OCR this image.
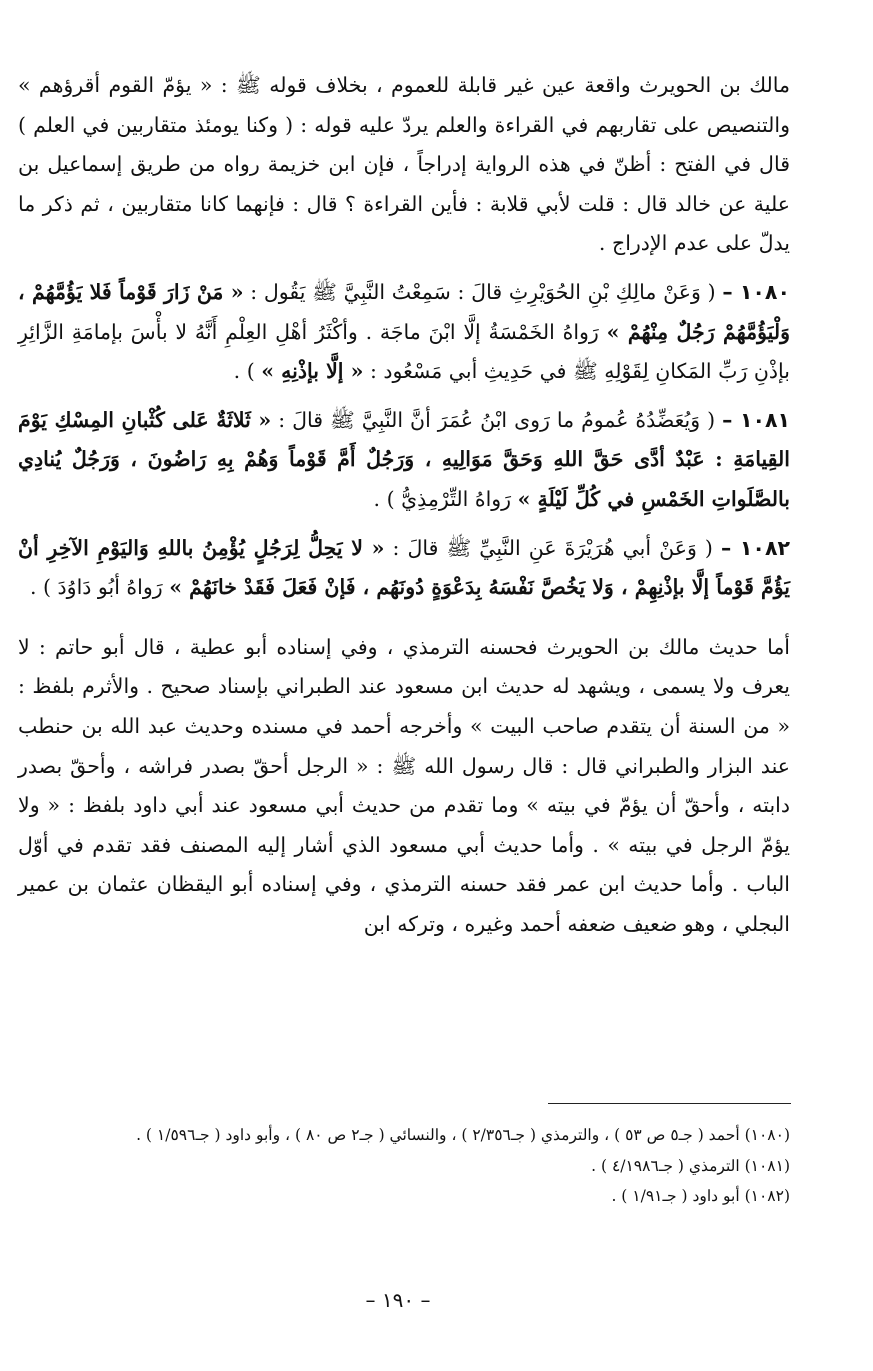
مالك بن الحويرث واقعة عين غير قابلة للعموم ، بخلاف قوله ﷺ : « يؤمّ القوم أقرؤهم » والتنصيص على تقاربهم في القراءة والعلم يردّ عليه قوله : ( وكنا يومئذ متقاربين في العلم ) قال في الفتح : أظنّ في هذه الرواية إدراجاً ، فإن ابن خزيمة رواه من طريق إسماعيل بن علية عن خالد قال : قلت لأبي قلابة : فأين القراءة ؟ قال : فإنهما كانا متقاربين ، ثم ذكر ما يدلّ على عدم الإدراج .

١٠٨٠ – ( وَعَنْ مالِكِ بْنِ الحُوَيْرِثِ قالَ : سَمِعْتُ النَّبِيَّ ﷺ يَقُول : « مَنْ زَارَ قَوْماً فَلا يَؤُمَّهُمْ ، وَلْيَؤُمَّهُمْ رَجُلٌ مِنْهُمْ » رَواهُ الخَمْسَةُ إلَّا ابْنَ ماجَة . وأكْثَرُ أهْلِ العِلْمِ أَنَّهُ لا بأْسَ بإمامَةِ الزَّائِرِ بإذْنِ رَبِّ المَكانِ لِقَوْلِهِ ﷺ في حَدِيثِ أبي مَسْعُود : « إلَّا بإذْنِهِ » ) .

١٠٨١ – ( وَيُعَضِّدُهُ عُمومُ ما رَوى ابْنُ عُمَرَ أنَّ النَّبِيَّ ﷺ قالَ : « ثَلاثَةٌ عَلى كُثْبانِ المِسْكِ يَوْمَ القِيامَةِ : عَبْدٌ أدَّى حَقَّ اللهِ وَحَقَّ مَوَالِيهِ ، وَرَجُلٌ أَمَّ قَوْماً وَهُمْ بِهِ رَاضُونَ ، وَرَجُلٌ يُنادِي بالصَّلَواتِ الخَمْسِ في كُلِّ لَيْلَةٍ » رَواهُ التِّرْمِذِيُّ ) .

١٠٨٢ – ( وَعَنْ أبي هُرَيْرَةَ عَنِ النَّبِيِّ ﷺ قالَ : « لا يَحِلُّ لِرَجُلٍ يُؤْمِنُ باللهِ وَاليَوْمِ الآخِرِ أنْ يَؤُمَّ قَوْماً إلَّا بإذْنِهِمْ ، وَلا يَخُصَّ نَفْسَهُ بِدَعْوَةٍ دُونَهُم ، فَإنْ فَعَلَ فَقَدْ خانَهُمْ » رَواهُ أبُو دَاوُدَ ) .

أما حديث مالك بن الحويرث فحسنه الترمذي ، وفي إسناده أبو عطية ، قال أبو حاتم : لا يعرف ولا يسمى ، ويشهد له حديث ابن مسعود عند الطبراني بإسناد صحيح . والأثرم بلفظ : « من السنة أن يتقدم صاحب البيت » وأخرجه أحمد في مسنده وحديث عبد الله بن حنطب عند البزار والطبراني قال : قال رسول الله ﷺ : « الرجل أحقّ بصدر فراشه ، وأحقّ بصدر دابته ، وأحقّ أن يؤمّ في بيته » وما تقدم من حديث أبي مسعود عند أبي داود بلفظ : « ولا يؤمّ الرجل في بيته » . وأما حديث أبي مسعود الذي أشار إليه المصنف فقد تقدم في أوّل الباب . وأما حديث ابن عمر فقد حسنه الترمذي ، وفي إسناده أبو اليقظان عثمان بن عمير البجلي ، وهو ضعيف ضعفه أحمد وغيره ، وتركه ابن

(١٠٨٠) أحمد ( جـ٥ ص ٥٣ ) ، والترمذي ( جـ٢/٣٥٦ ) ، والنسائي ( جـ٢ ص ٨٠ ) ، وأبو داود ( جـ١/٥٩٦ ) .

(١٠٨١) الترمذي ( جـ٤/١٩٨٦ ) .

(١٠٨٢) أبو داود ( جـ١/٩١ ) .

– ١٩٠ –
